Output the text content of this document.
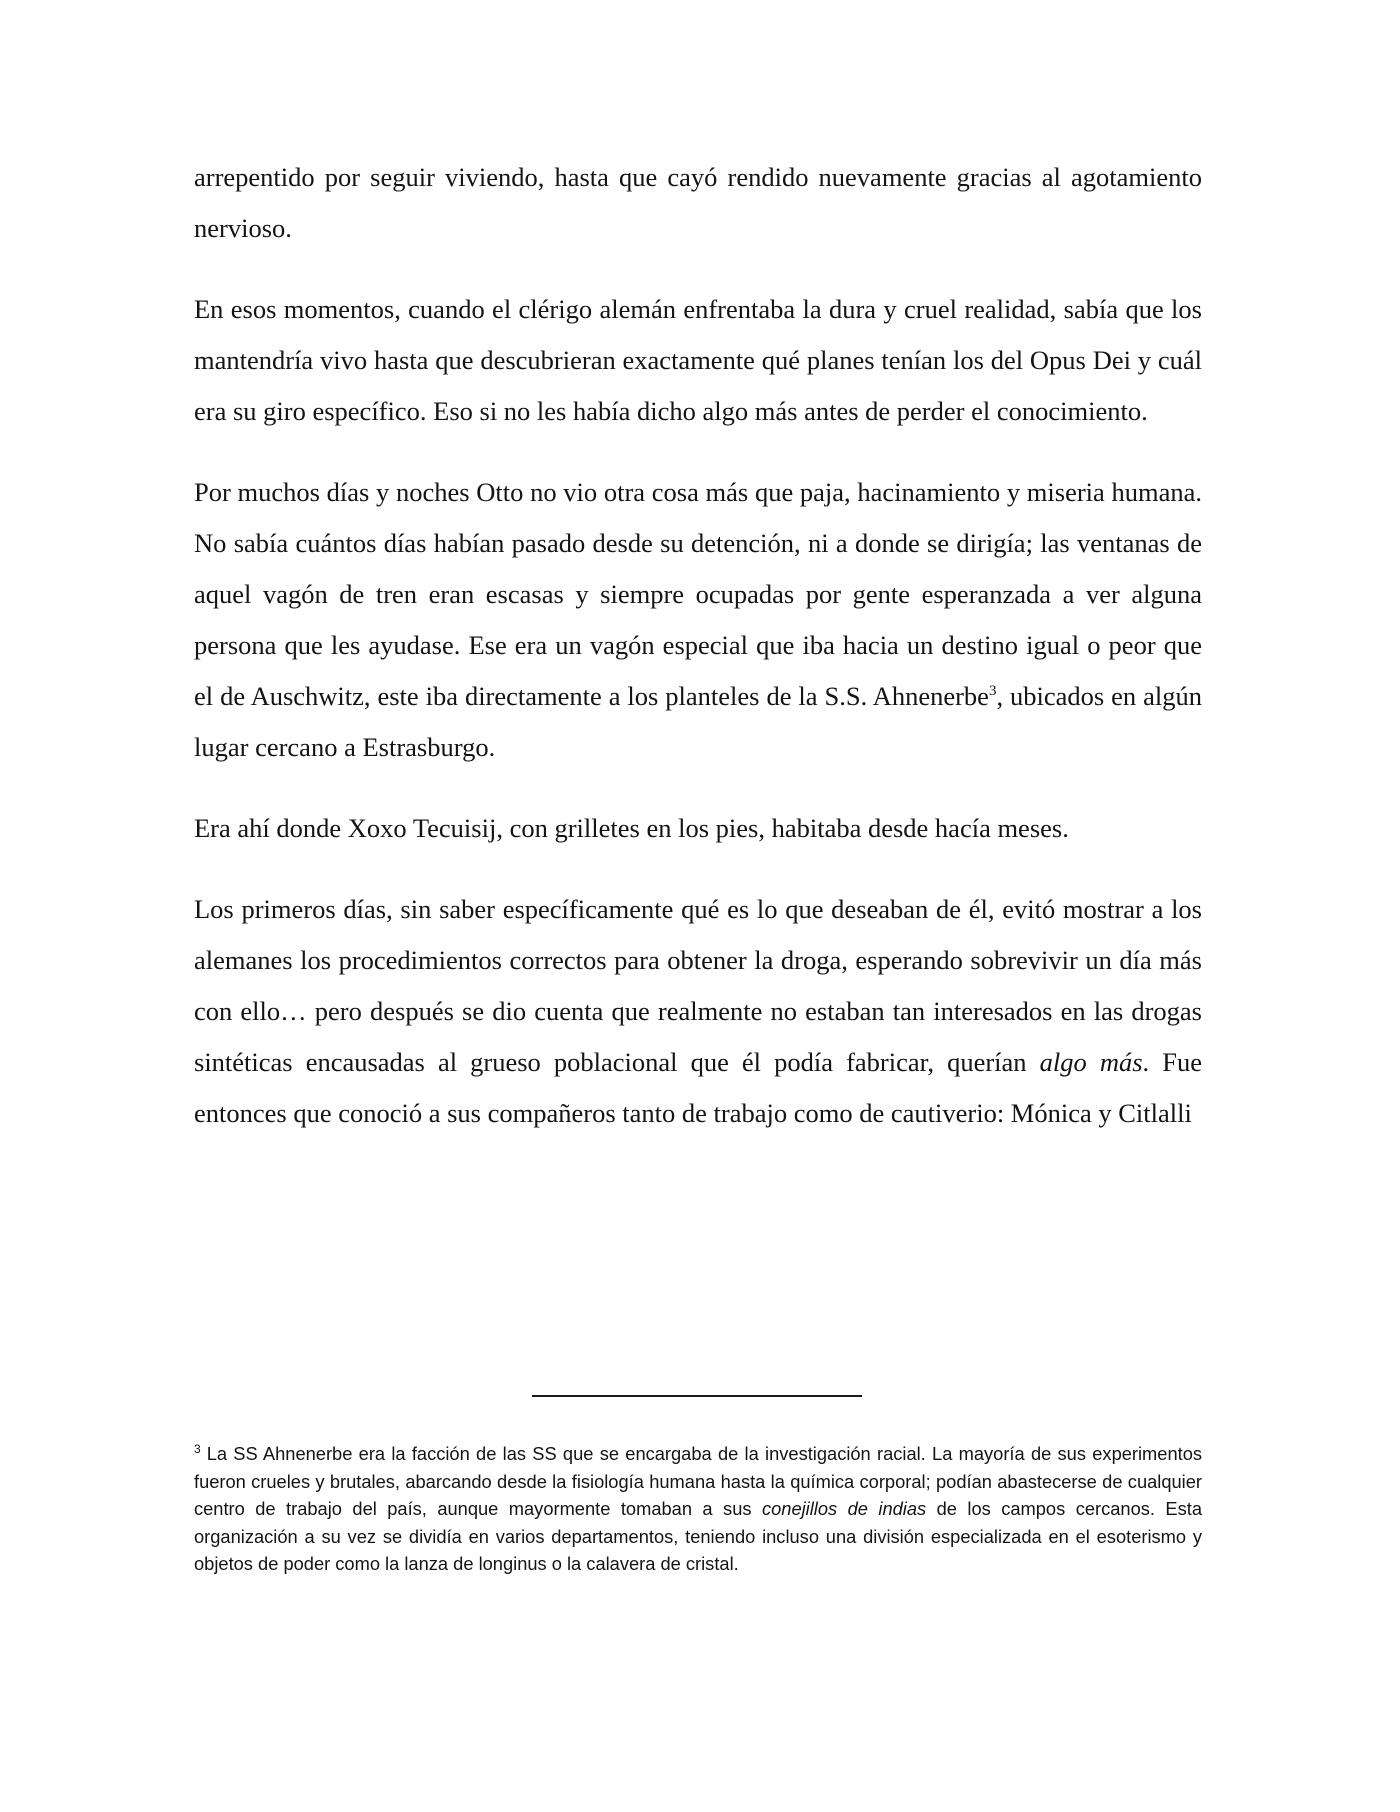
arrepentido por seguir viviendo, hasta que cayó rendido nuevamente gracias al agotamiento nervioso.

En esos momentos, cuando el clérigo alemán enfrentaba la dura y cruel realidad, sabía que los mantendría vivo hasta que descubrieran exactamente qué planes tenían los del Opus Dei y cuál era su giro específico. Eso si no les había dicho algo más antes de perder el conocimiento.

Por muchos días y noches Otto no vio otra cosa más que paja, hacinamiento y miseria humana. No sabía cuántos días habían pasado desde su detención, ni a donde se dirigía; las ventanas de aquel vagón de tren eran escasas y siempre ocupadas por gente esperanzada a ver alguna persona que les ayudase. Ese era un vagón especial que iba hacia un destino igual o peor que el de Auschwitz, este iba directamente a los planteles de la S.S. Ahnenerbe$^3$, ubicados en algún lugar cercano a Estrasburgo.

Era ahí donde Xoxo Tecuisij, con grilletes en los pies, habitaba desde hacía meses.

Los primeros días, sin saber específicamente qué es lo que deseaban de él, evitó mostrar a los alemanes los procedimientos correctos para obtener la droga, esperando sobrevivir un día más con ello… pero después se dio cuenta que realmente no estaban tan interesados en las drogas sintéticas encausadas al grueso poblacional que él podía fabricar, querían algo más. Fue entonces que conoció a sus compañeros tanto de trabajo como de cautiverio: Mónica y Citlalli

$^3$ La SS Ahnenerbe era la facción de las SS que se encargaba de la investigación racial. La mayoría de sus experimentos fueron crueles y brutales, abarcando desde la fisiología humana hasta la química corporal; podían abastecerse de cualquier centro de trabajo del país, aunque mayormente tomaban a sus conejillos de indias de los campos cercanos. Esta organización a su vez se dividía en varios departamentos, teniendo incluso una división especializada en el esoterismo y objetos de poder como la lanza de longinus o la calavera de cristal.
